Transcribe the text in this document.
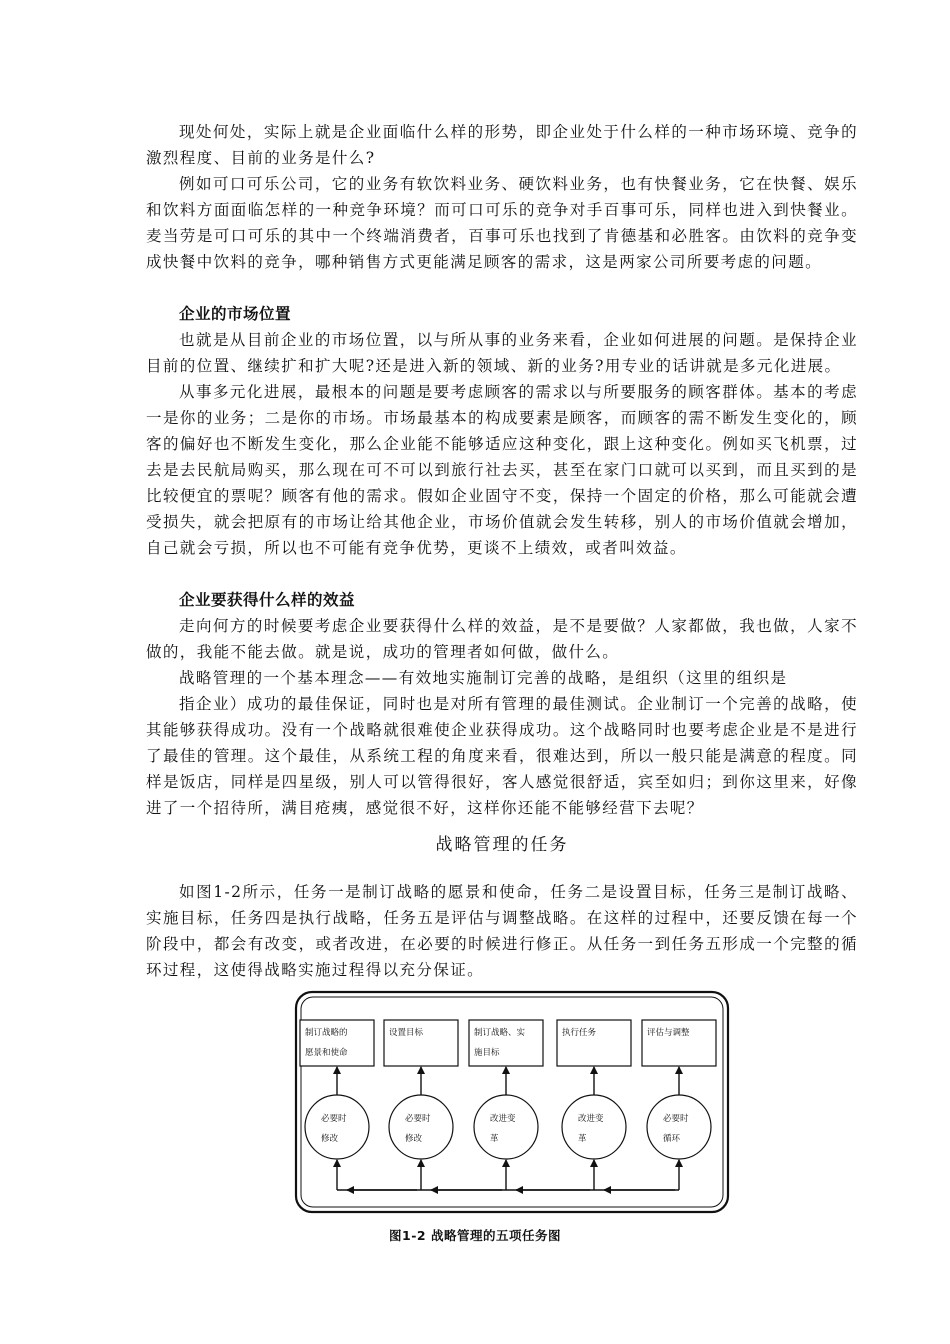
现处何处，实际上就是企业面临什么样的形势，即企业处于什么样的一种市场环境、竞争的激烈程度、目前的业务是什么?

例如可口可乐公司，它的业务有软饮料业务、硬饮料业务，也有快餐业务，它在快餐、娱乐和饮料方面面临怎样的一种竞争环境？而可口可乐的竞争对手百事可乐，同样也进入到快餐业。麦当劳是可口可乐的其中一个终端消费者，百事可乐也找到了肯德基和必胜客。由饮料的竞争变成快餐中饮料的竞争，哪种销售方式更能满足顾客的需求，这是两家公司所要考虑的问题。

企业的市场位置

也就是从目前企业的市场位置，以与所从事的业务来看，企业如何进展的问题。是保持企业目前的位置、继续扩和扩大呢?还是进入新的领域、新的业务?用专业的话讲就是多元化进展。

从事多元化进展，最根本的问题是要考虑顾客的需求以与所要服务的顾客群体。基本的考虑一是你的业务；二是你的市场。市场最基本的构成要素是顾客，而顾客的需不断发生变化的，顾客的偏好也不断发生变化，那么企业能不能够适应这种变化，跟上这种变化。例如买飞机票，过去是去民航局购买，那么现在可不可以到旅行社去买，甚至在家门口就可以买到，而且买到的是比较便宜的票呢？顾客有他的需求。假如企业固守不变，保持一个固定的价格，那么可能就会遭受损失，就会把原有的市场让给其他企业，市场价值就会发生转移，别人的市场价值就会增加，自己就会亏损，所以也不可能有竞争优势，更谈不上绩效，或者叫效益。

企业要获得什么样的效益

走向何方的时候要考虑企业要获得什么样的效益，是不是要做？人家都做，我也做，人家不做的，我能不能去做。就是说，成功的管理者如何做，做什么。

战略管理的一个基本理念——有效地实施制订完善的战略，是组织（这里的组织是

指企业）成功的最佳保证，同时也是对所有管理的最佳测试。企业制订一个完善的战略，使其能够获得成功。没有一个战略就很难使企业获得成功。这个战略同时也要考虑企业是不是进行了最佳的管理。这个最佳，从系统工程的角度来看，很难达到，所以一般只能是满意的程度。同样是饭店，同样是四星级，别人可以管得很好，客人感觉很舒适，宾至如归；到你这里来，好像进了一个招待所，满目疮痍，感觉很不好，这样你还能不能够经营下去呢？

战略管理的任务

如图1-2所示，任务一是制订战略的愿景和使命，任务二是设置目标，任务三是制订战略、实施目标，任务四是执行战略，任务五是评估与调整战略。在这样的过程中，还要反馈在每一个阶段中，都会有改变，或者改进，在必要的时候进行修正。从任务一到任务五形成一个完整的循环过程，这使得战略实施过程得以充分保证。

制订战略的
愿景和使命
必要时
修改
设置目标
必要时
修改
制订战略、实
施目标
改进变
革
执行任务
改进变
革
评估与调整
必要时
循环
图1-2 战略管理的五项任务图
